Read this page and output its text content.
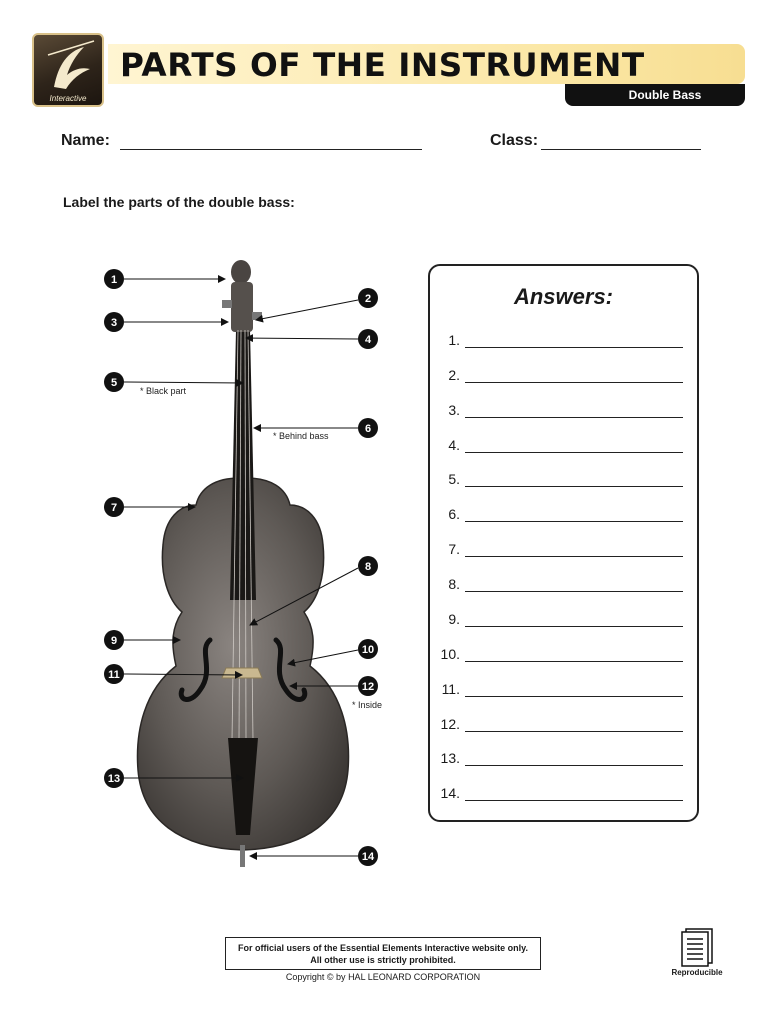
Interactive
PARTS OF THE INSTRUMENT
Double Bass
Name:	Class:
Label the parts of the double bass:
1
2
3
4
5
6
7
8
9
10
11
12
13
14
* Black part
* Behind bass
* Inside
Answers:
1.
2.
3.
4.
5.
6.
7.
8.
9.
10.
11.
12.
13.
14.
For official users of the Essential Elements Interactive website only.
All other use is strictly prohibited.
Copyright © by HAL LEONARD CORPORATION	Reproducible
